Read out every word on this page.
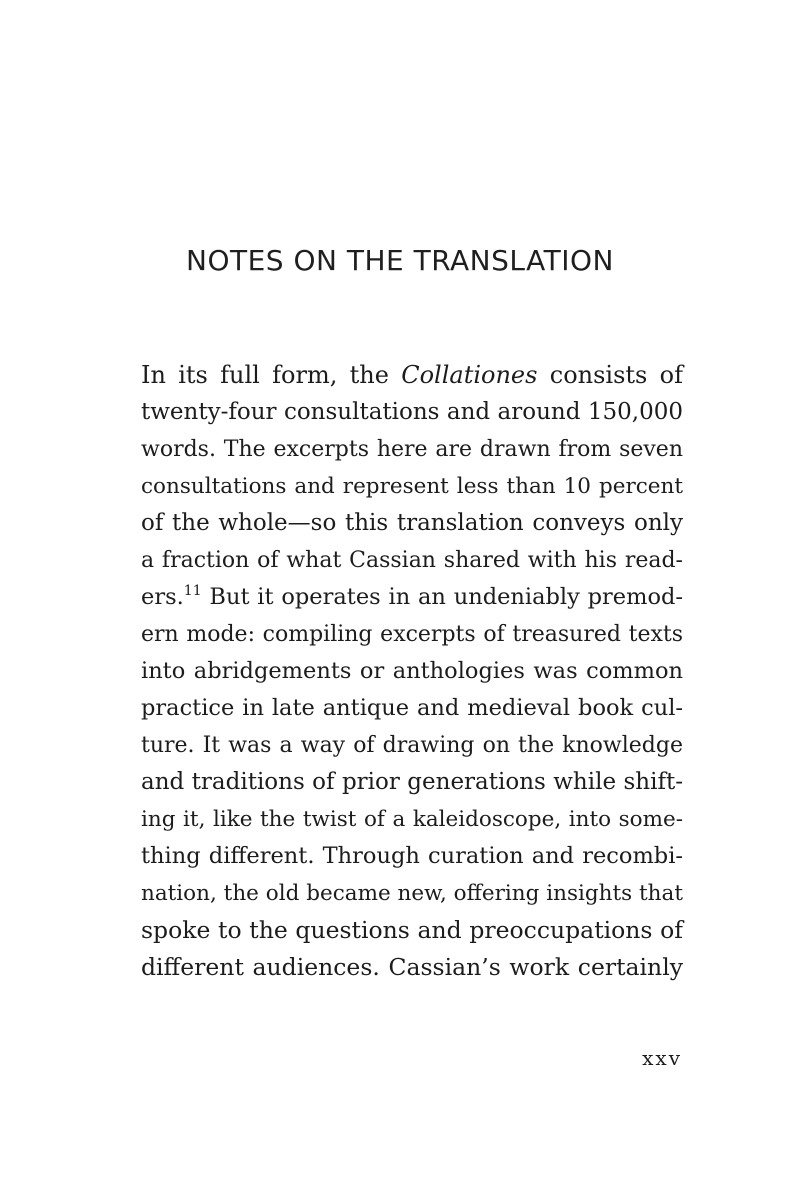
NOTES ON THE TRANSLATION
In its full form, the Collationes consists of
twenty-four consultations and around 150,000
words. The excerpts here are drawn from seven
consultations and represent less than 10 percent
of the whole—so this translation conveys only
a fraction of what Cassian shared with his read-
ers.$^{11}$ But it operates in an undeniably premod-
ern mode: compiling excerpts of treasured texts
into abridgements or anthologies was common
practice in late antique and medieval book cul-
ture. It was a way of drawing on the knowledge
and traditions of prior generations while shift-
ing it, like the twist of a kaleidoscope, into some-
thing different. Through curation and recombi-
nation, the old became new, offering insights that
spoke to the questions and preoccupations of
different audiences. Cassian’s work certainly
xxv
